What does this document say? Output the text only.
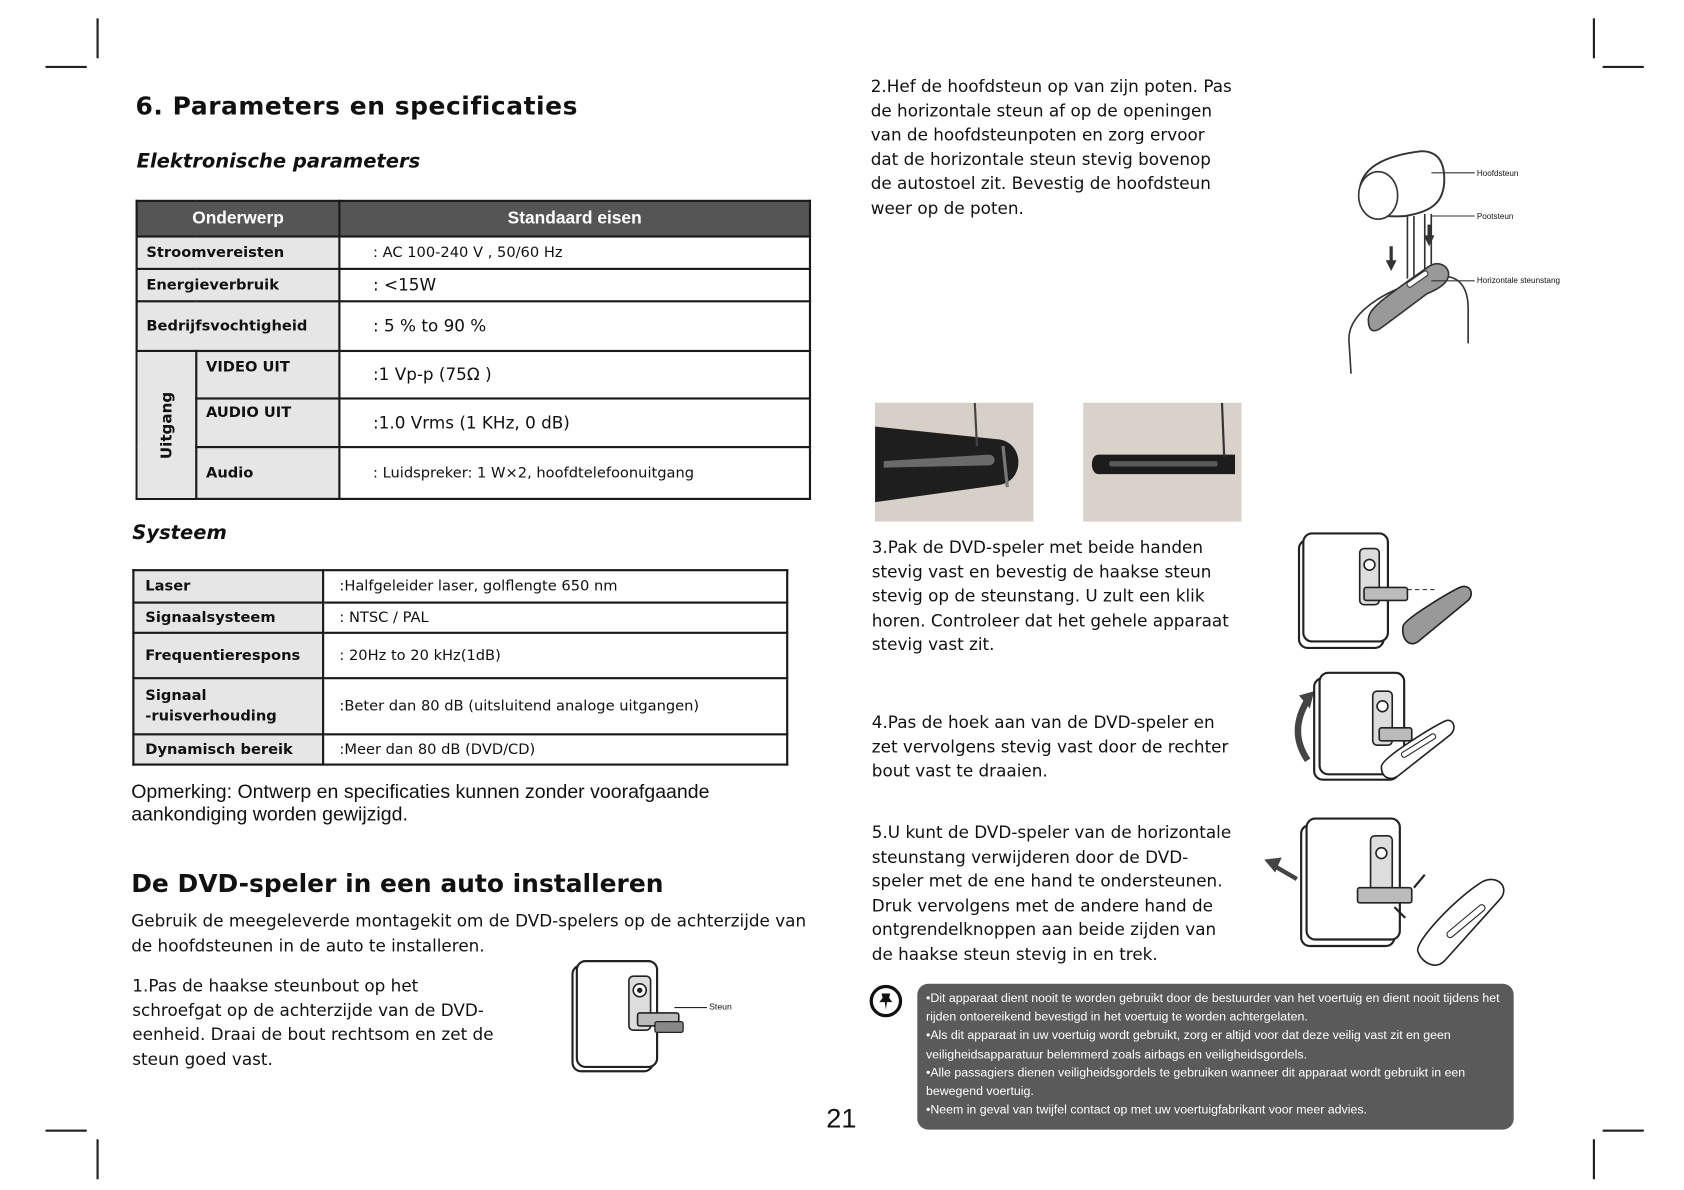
6. Parameters en specificaties
Elektronische parameters
Onderwerp		Standaard eisen
Stroomvereisten		: AC 100-240 V , 50/60 Hz
Energieverbruik		: <15W
Bedrijfsvochtigheid		: 5 % to 90 %

Uitgang	VIDEO UIT	:1 Vp-p (75Ω )
	AUDIO UIT	:1.0 Vrms (1 KHz, 0 dB)
	Audio	: Luidspreker: 1 W×2, hoofdtelefoonuitgang
Systeem
Laser	:Halfgeleider laser, golflengte 650 nm
Signaalsysteem	: NTSC / PAL
Frequentierespons	: 20Hz to 20 kHz(1dB)
Signaal
-ruisverhouding	:Beter dan 80 dB (uitsluitend analoge uitgangen)
Dynamisch bereik	:Meer dan 80 dB (DVD/CD)
Opmerking: Ontwerp en specificaties kunnen zonder voorafgaande aankondiging worden gewijzigd.
De DVD-speler in een auto installeren
Gebruik de meegeleverde montagekit om de DVD-spelers op de achterzijde van de hoofdsteunen in de auto te installeren.
1.Pas de haakse steunbout op het schroefgat op de achterzijde van de DVD-eenheid. Draai de bout rechtsom en zet de steun goed vast.
Steun
2.Hef de hoofdsteun op van zijn poten. Pas de horizontale steun af op de openingen van de hoofdsteunpoten en zorg ervoor dat de horizontale steun stevig bovenop de autostoel zit. Bevestig de hoofdsteun weer op de poten.
Hoofdsteun
Pootsteun
Horizontale steunstang
3.Pak de DVD-speler met beide handen stevig vast en bevestig de haakse steun stevig op de steunstang. U zult een klik horen. Controleer dat het gehele apparaat stevig vast zit.
4.Pas de hoek aan van de DVD-speler en zet vervolgens stevig vast door de rechter bout vast te draaien.
5.U kunt de DVD-speler van de horizontale steunstang verwijderen door de DVD-speler met de ene hand te ondersteunen. Druk vervolgens met de andere hand de ontgrendelknoppen aan beide zijden van de haakse steun stevig in en trek.
•Dit apparaat dient nooit te worden gebruikt door de bestuurder van het voertuig en dient nooit tijdens het rijden ontoereikend bevestigd in het voertuig te worden achtergelaten.
•Als dit apparaat in uw voertuig wordt gebruikt, zorg er altijd voor dat deze veilig vast zit en geen veiligheidsapparatuur belemmerd zoals airbags en veiligheidsgordels.
•Alle passagiers dienen veiligheidsgordels te gebruiken wanneer dit apparaat wordt gebruikt in een bewegend voertuig.
•Neem in geval van twijfel contact op met uw voertuigfabrikant voor meer advies.
21
